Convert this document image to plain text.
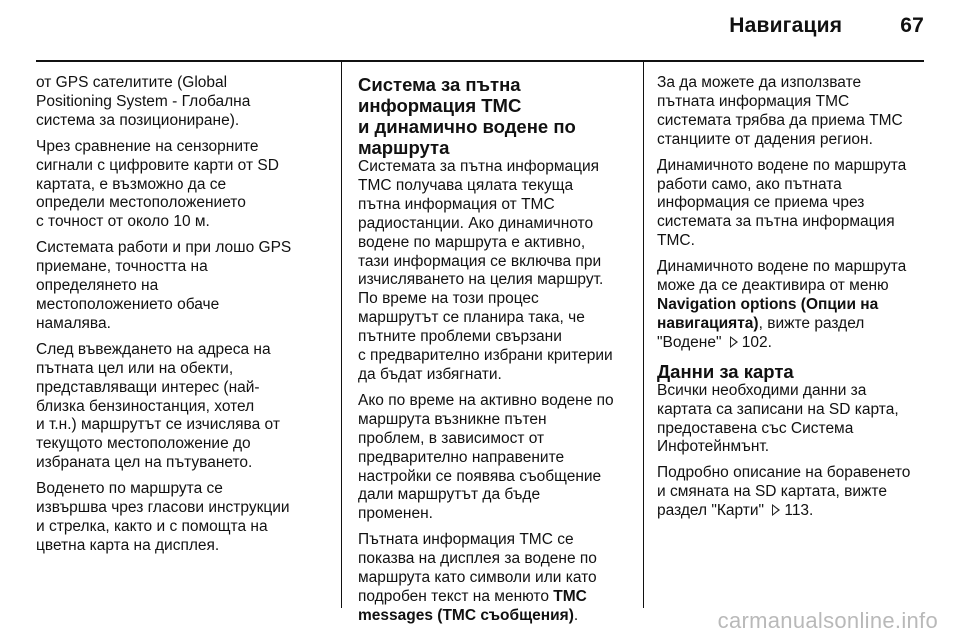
Навигация	67

от GPS сателитите (Global
Positioning System - Глобална
система за позициониране).

Чрез сравнение на сензорните
сигнали с цифровите карти от SD
картата, е възможно да се
определи местоположението
с точност от около 10 м.

Системата работи и при лошо GPS
приемане, точността на
определянето на
местоположението обаче
намалява.

След въвеждането на адреса на
пътната цел или на обекти,
представляващи интерес (най-
близка бензиностанция, хотел
и т.н.) маршрутът се изчислява от
текущото местоположение до
избраната цел на пътуването.

Воденето по маршрута се
извършва чрез гласови инструкции
и стрелка, както и с помощта на
цветна карта на дисплея.

Система за пътна
информация TMC
и динамично водене по
маршрута

Системата за пътна информация
TMC получава цялата текуща
пътна информация от TMC
радиостанции. Ако динамичното
водене по маршрута е активно,
тази информация се включва при
изчисляването на целия маршрут.
По време на този процес
маршрутът се планира така, че
пътните проблеми свързани
с предварително избрани критерии
да бъдат избягнати.

Ако по време на активно водене по
маршрута възникне пътен
проблем, в зависимост от
предварително направените
настройки се появява съобщение
дали маршрутът да бъде
променен.

Пътната информация TMC се
показва на дисплея за водене по
маршрута като символи или като
подробен текст на менюто TMC
messages (TMC съобщения).

За да можете да използвате
пътната информация TMC
системата трябва да приема TMC
станциите от дадения регион.

Динамичното водене по маршрута
работи само, ако пътната
информация се приема чрез
системата за пътна информация
TMC.

Динамичното водене по маршрута
може да се деактивира от меню
Navigation options (Опции на
навигацията), вижте раздел
"Водене" 102.

Данни за карта

Всички необходими данни за
картата са записани на SD карта,
предоставена със Система
Инфотейнмънт.

Подробно описание на боравенето
и смяната на SD картата, вижте
раздел "Карти" 113.

carmanualsonline.info
